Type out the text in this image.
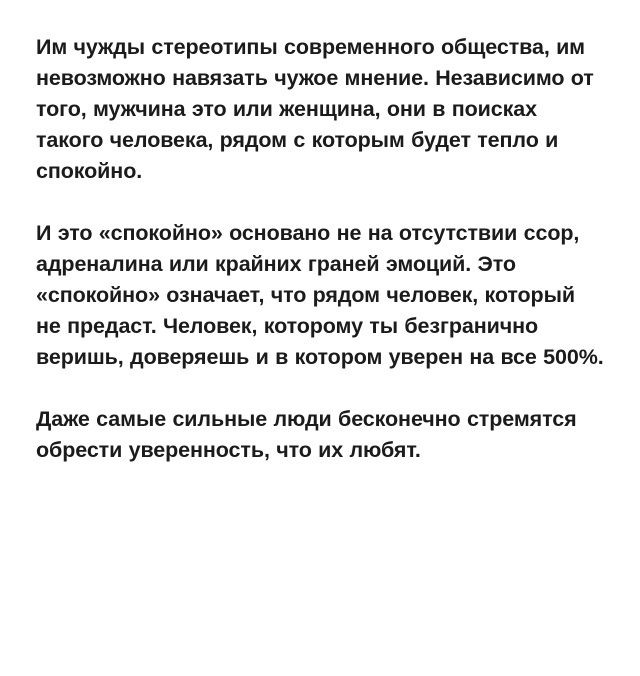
Им чужды стереотипы современного общества, им невозможно навязать чужое мнение. Независимо от того, мужчина это или женщина, они в поисках такого человека, рядом с которым будет тепло и спокойно.

И это «спокойно» основано не на отсутствии ссор, адреналина или крайних граней эмоций. Это «спокойно» означает, что рядом человек, который не предаст. Человек, которому ты безгранично веришь, доверяешь и в котором уверен на все 500%.

Даже самые сильные люди бесконечно стремятся обрести уверенность, что их любят.
